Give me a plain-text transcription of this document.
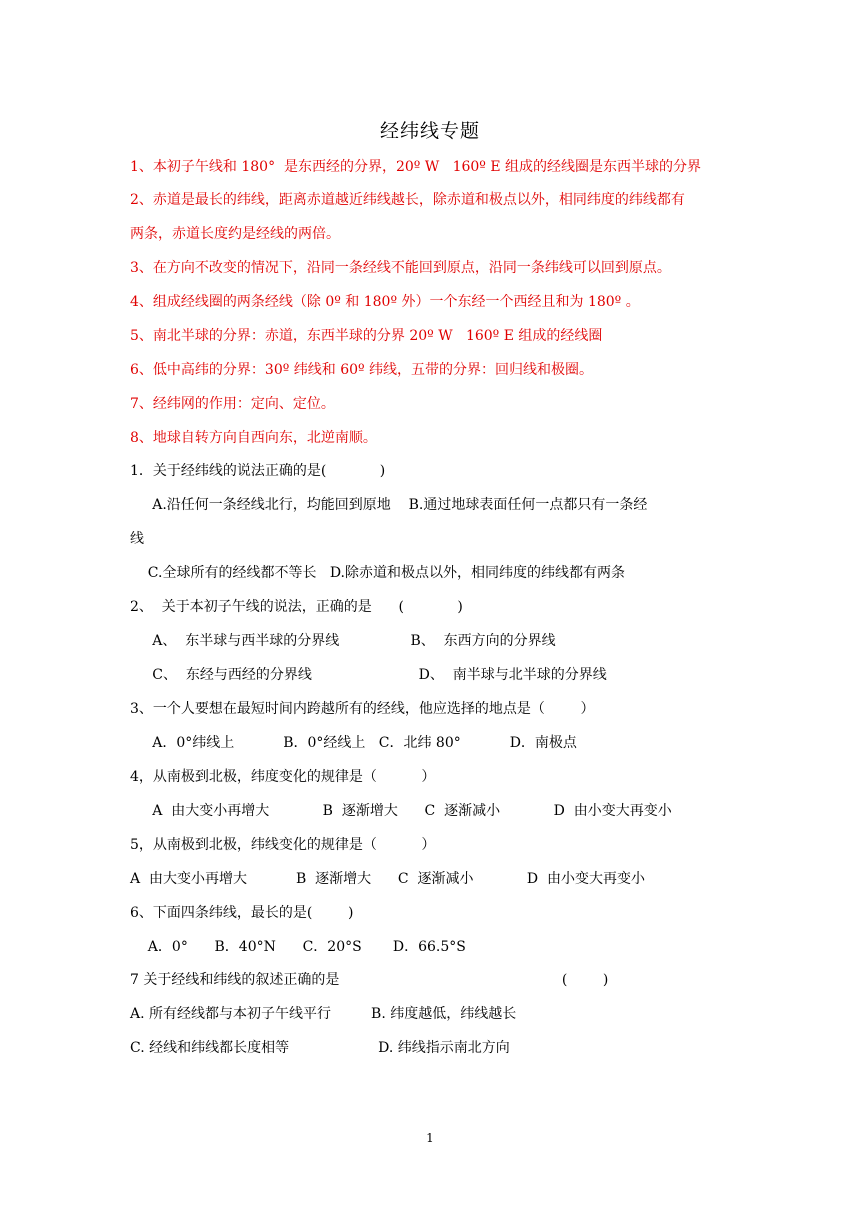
经纬线专题
1、本初子午线和 180°  是东西经的分界，20º W   160º E 组成的经线圈是东西半球的分界
2、赤道是最长的纬线，距离赤道越近纬线越长，除赤道和极点以外，相同纬度的纬线都有
两条，赤道长度约是经线的两倍。
3、在方向不改变的情况下，沿同一条经线不能回到原点，沿同一条纬线可以回到原点。
4、组成经线圈的两条经线（除 0º 和 180º 外）一个东经一个西经且和为 180º 。
5、南北半球的分界：赤道，东西半球的分界 20º W   160º E 组成的经线圈
6、低中高纬的分界：30º 纬线和 60º 纬线，五带的分界：回归线和极圈。
7、经纬网的作用：定向、定位。
8、地球自转方向自西向东，北逆南顺。
1．关于经纬线的说法正确的是(            )
A.沿任何一条经线北行，均能回到原地    B.通过地球表面任何一点都只有一条经
线
C.全球所有的经线都不等长   D.除赤道和极点以外，相同纬度的纬线都有两条
2、  关于本初子午线的说法，正确的是      (            )
A、  东半球与西半球的分界线                B、  东西方向的分界线
C、  东经与西经的分界线                        D、  南半球与北半球的分界线
3、一个人要想在最短时间内跨越所有的经线，他应选择的地点是（        ）
A．0°纬线上           B．0°经线上   C．北纬 80°           D．南极点
4，从南极到北极，纬度变化的规律是（          ）
A  由大变小再增大            B  逐渐增大      C  逐渐减小            D  由小变大再变小
5，从南极到北极，纬线变化的规律是（          ）
A  由大变小再增大           B  逐渐增大      C  逐渐减小            D  由小变大再变小
6、下面四条纬线，最长的是(        )
A．0°      B．40°N      C．20°S       D．66.5°S
7 关于经线和纬线的叙述正确的是                                                  (        )
A. 所有经线都与本初子午线平行         B. 纬度越低，纬线越长
C. 经线和纬线都长度相等                    D. 纬线指示南北方向
1
